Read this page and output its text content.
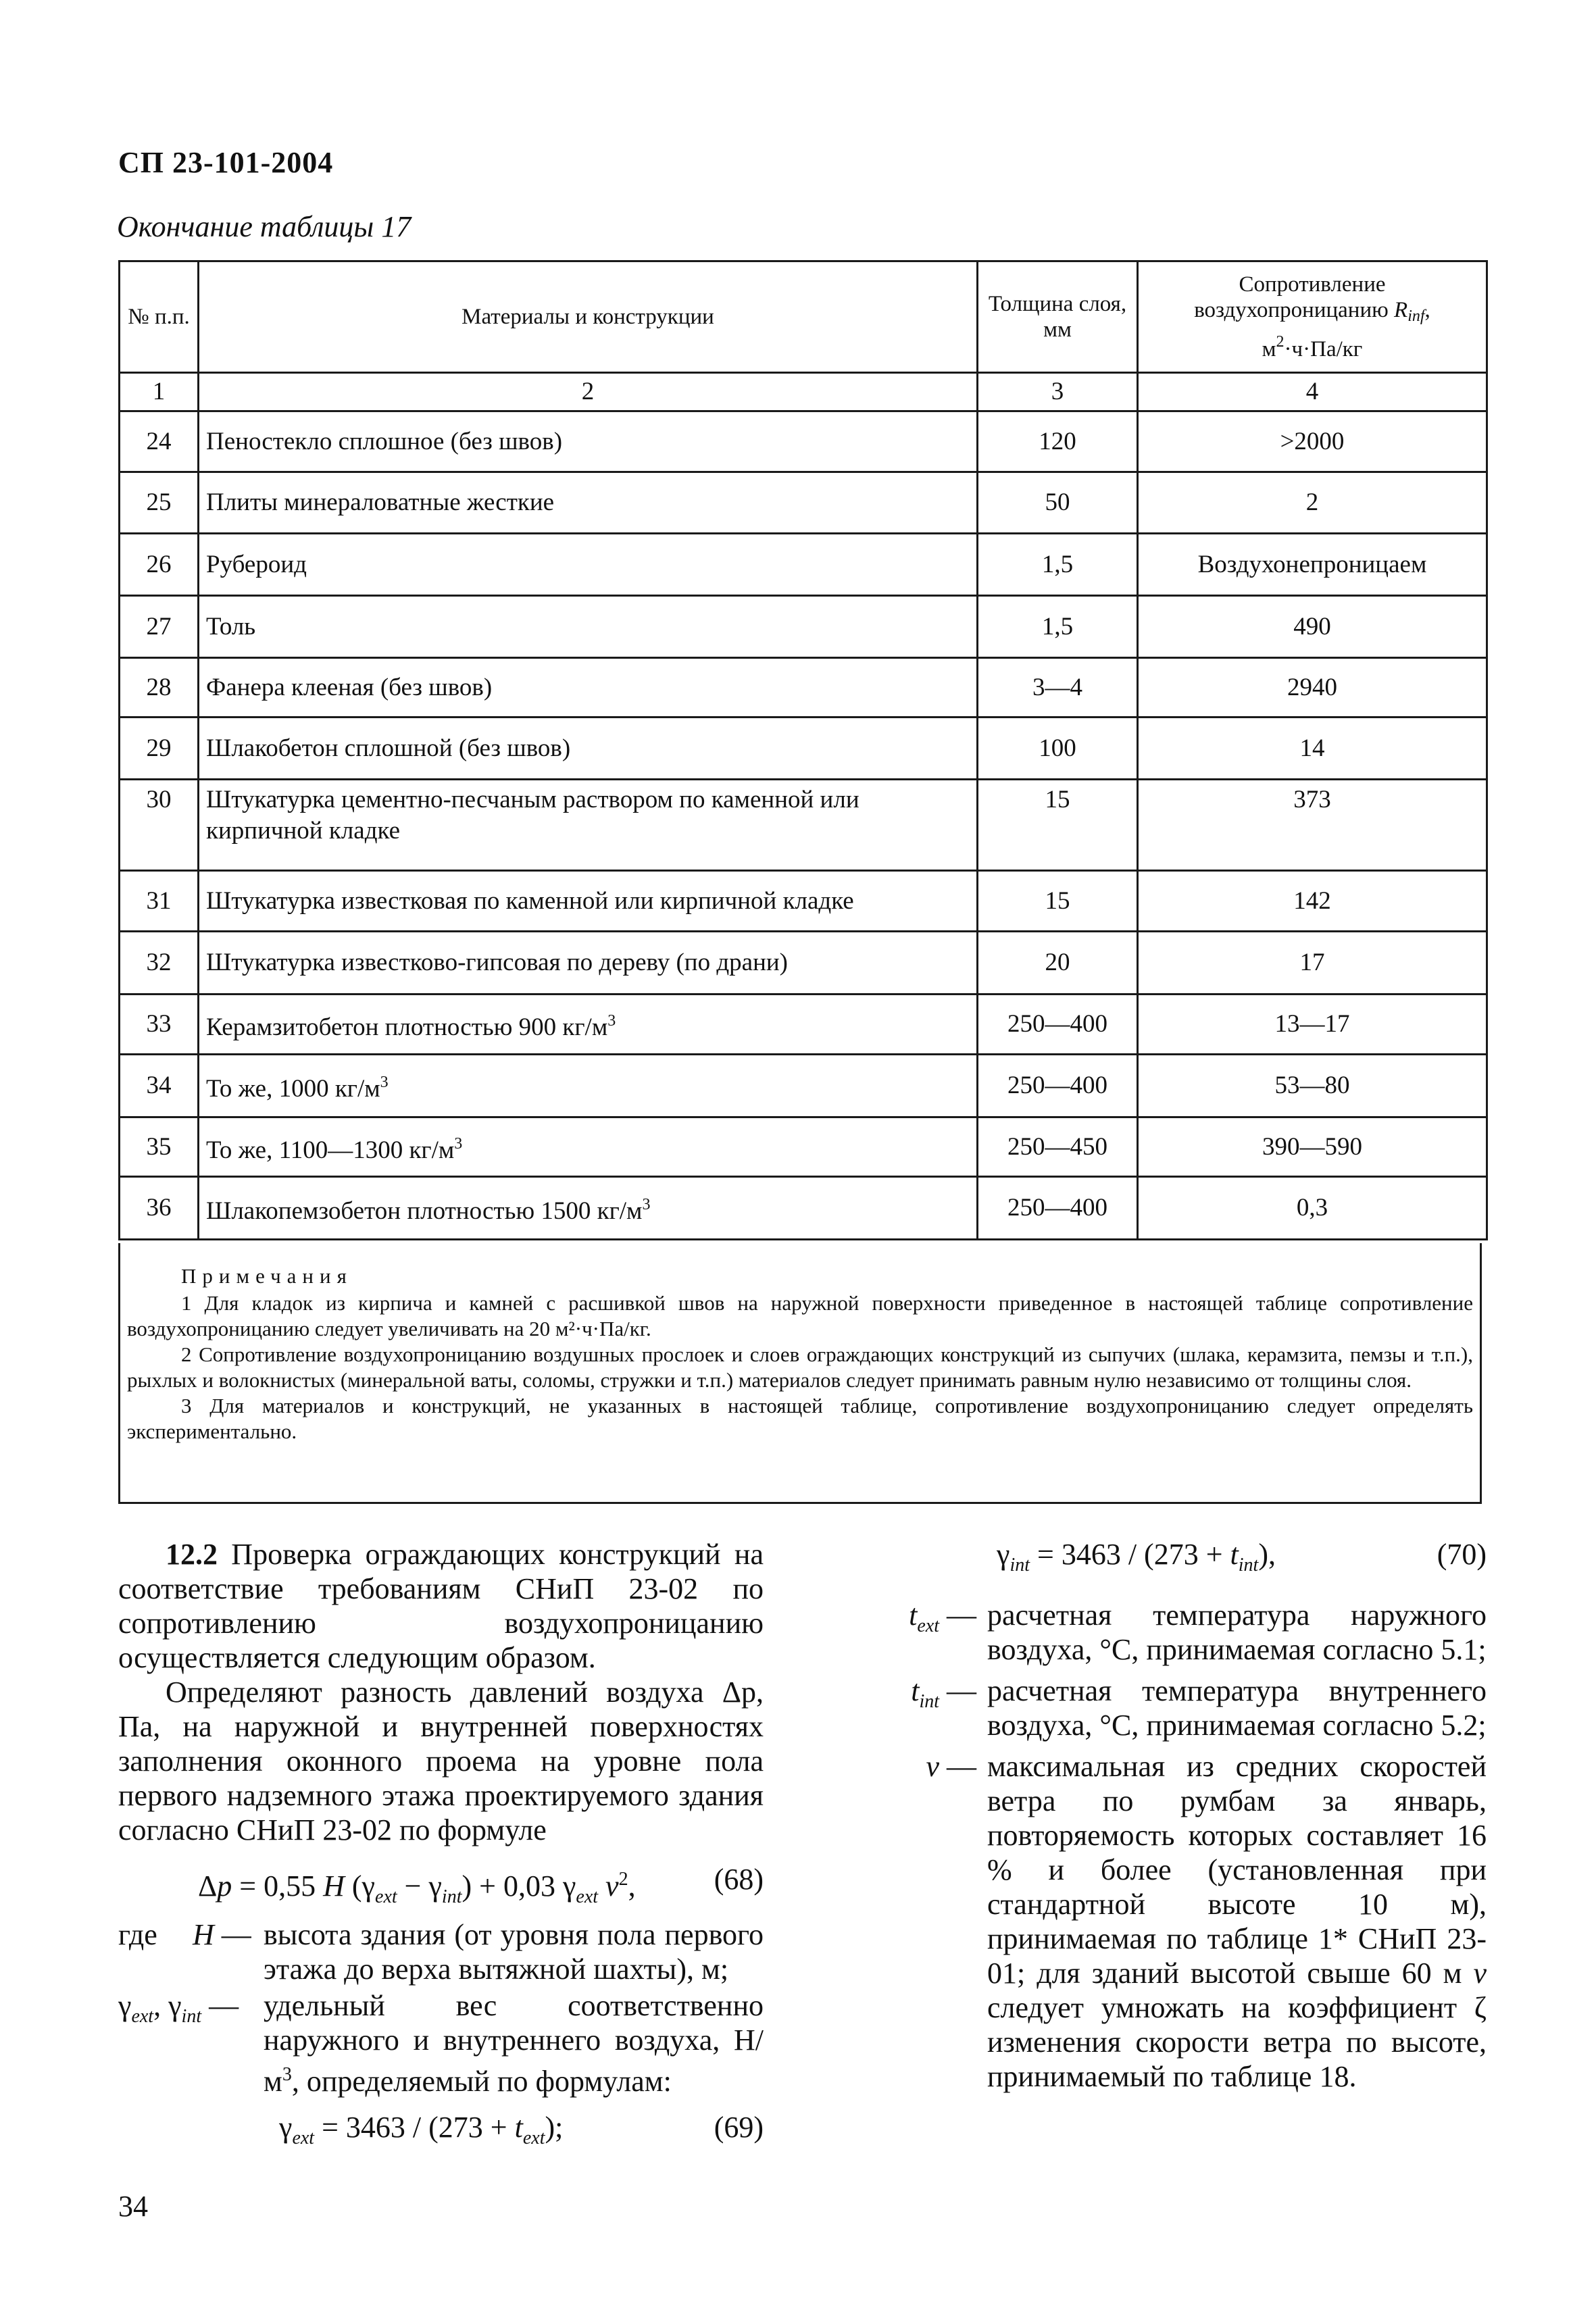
СП 23-101-2004
Окончание таблицы 17
№ п.п.	Материалы и конструкции	Толщина слоя, мм	Сопротивление воздухопроницанию $R_{inf}$,
$м^2\cdot ч\cdot Па/кг$
1	2	3	4
24	Пеностекло сплошное (без швов)	120	>2000
25	Плиты минераловатные жесткие	50	2
26	Рубероид	1,5	Воздухонепроницаем
27	Толь	1,5	490
28	Фанера клееная (без швов)	3—4	2940
29	Шлакобетон сплошной (без швов)	100	14
30	Штукатурка цементно-песчаным раствором по каменной или кирпичной кладке	15	373
31	Штукатурка известковая по каменной или кирпичной кладке	15	142
32	Штукатурка известково-гипсовая по дереву (по драни)	20	17
33	Керамзитобетон плотностью 900 $кг/м^3$	250—400	13—17
34	То же, 1000 $кг/м^3$	250—400	53—80
35	То же, 1100—1300 $кг/м^3$	250—450	390—590
36	Шлакопемзобетон плотностью 1500 $кг/м^3$	250—400	0,3
Примечания

1 Для кладок из кирпича и камней с расшивкой швов на наружной поверхности приведенное в настоящей таблице сопротивление воздухопроницанию следует увеличивать на 20 м²·ч·Па/кг.

2 Сопротивление воздухопроницанию воздушных прослоек и слоев ограждающих конструкций из сыпучих (шлака, керамзита, пемзы и т.п.), рыхлых и волокнистых (минеральной ваты, соломы, стружки и т.п.) материалов следует принимать равным нулю независимо от толщины слоя.

3 Для материалов и конструкций, не указанных в настоящей таблице, сопротивление воздухопроницанию следует определять экспериментально.

12.2 Проверка ограждающих конструкций на соответствие требованиям СНиП 23-02 по сопротивлению воздухопроницанию осуществляется следующим образом.

Определяют разность давлений воздуха Δp, Па, на наружной и внутренней поверхностях заполнения оконного проема на уровне пола первого надземного этажа проектируемого здания согласно СНиП 23-02 по формуле

Δp = 0,55 H $(\gamma_{ext} - \gamma_{int}) + 0,03$ $\gamma_{ext}$ $v^2$,	(68)
где H — высота здания (от уровня пола первого этажа до верха вытяжной шахты), м;
$\gamma_{ext}$, $\gamma_{int}$ — удельный вес соответственно наружного и внутреннего воздуха, $Н/м^3$, определяемый по формулам:
$\gamma_{ext} = 3463 / (273 + t_{ext})$;	(69)
$\gamma_{int} = 3463 / (273 + t_{int})$,	(70)
$t_{ext}$ — расчетная температура наружного воздуха, °С, принимаемая согласно 5.1;
$t_{int}$ — расчетная температура внутреннего воздуха, °С, принимаемая согласно 5.2;
v — максимальная из средних скоростей ветра по румбам за январь, повторяемость которых составляет 16 % и более (установленная при стандартной высоте 10 м), принимаемая по таблице 1* СНиП 23-01; для зданий высотой свыше 60 м v следует умножать на коэффициент ζ изменения скорости ветра по высоте, принимаемый по таблице 18.
34
